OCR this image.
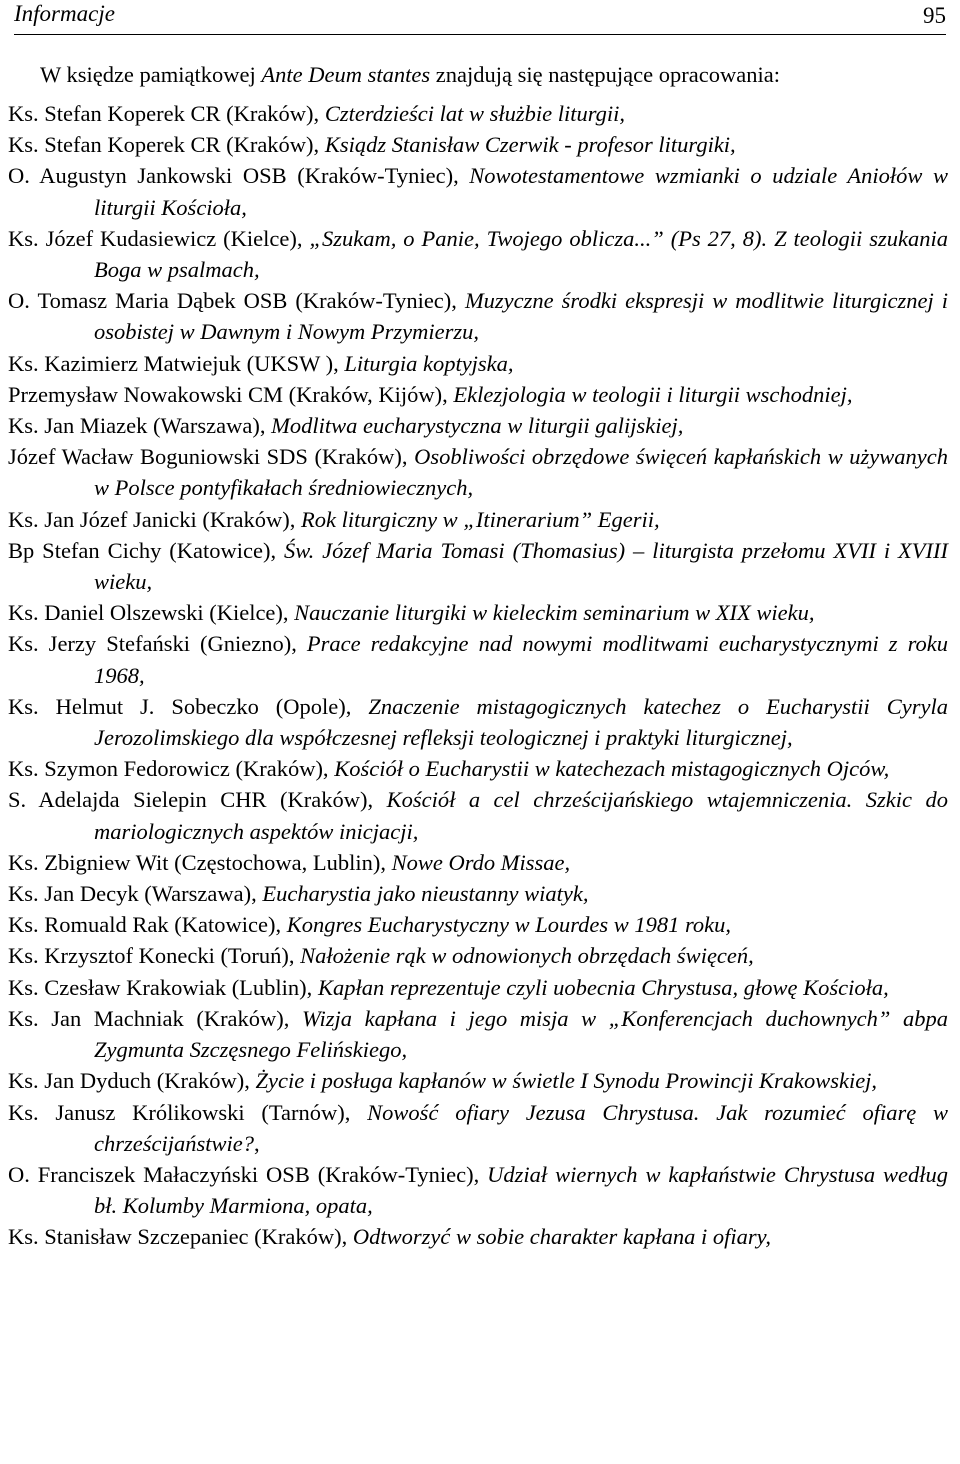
Informacje	95

W księdze pamiątkowej Ante Deum stantes znajdują się następujące opracowania:

Ks. Stefan Koperek CR (Kraków), Czterdzieści lat w służbie liturgii,
Ks. Stefan Koperek CR (Kraków), Ksiądz Stanisław Czerwik - profesor liturgiki,
O. Augustyn Jankowski OSB (Kraków-Tyniec), Nowotestamentowe wzmianki o udziale Aniołów w liturgii Kościoła,
Ks. Józef Kudasiewicz (Kielce), „Szukam, o Panie, Twojego oblicza...” (Ps 27, 8). Z teologii szukania Boga w psalmach,
O. Tomasz Maria Dąbek OSB (Kraków-Tyniec), Muzyczne środki ekspresji w modlitwie liturgicznej i osobistej w Dawnym i Nowym Przymierzu,
Ks. Kazimierz Matwiejuk (UKSW ), Liturgia koptyjska,
Przemysław Nowakowski CM (Kraków, Kijów), Eklezjologia w teologii i liturgii wschodniej,
Ks. Jan Miazek (Warszawa), Modlitwa eucharystyczna w liturgii galijskiej,
Józef Wacław Boguniowski SDS (Kraków), Osobliwości obrzędowe święceń kapłańskich w używanych w Polsce pontyfikałach średniowiecznych,
Ks. Jan Józef Janicki (Kraków), Rok liturgiczny w „Itinerarium” Egerii,
Bp Stefan Cichy (Katowice), Św. Józef Maria Tomasi (Thomasius) – liturgista przełomu XVII i XVIII wieku,
Ks. Daniel Olszewski (Kielce), Nauczanie liturgiki w kieleckim seminarium w XIX wieku,
Ks. Jerzy Stefański (Gniezno), Prace redakcyjne nad nowymi modlitwami eucharystycznymi z roku 1968,
Ks. Helmut J. Sobeczko (Opole), Znaczenie mistagogicznych katechez o Eucharystii Cyryla Jerozolimskiego dla współczesnej refleksji teologicznej i praktyki liturgicznej,
Ks. Szymon Fedorowicz (Kraków), Kościół o Eucharystii w katechezach mistagogicznych Ojców,
S. Adelajda Sielepin CHR (Kraków), Kościół a cel chrześcijańskiego wtajemniczenia. Szkic do mariologicznych aspektów inicjacji,
Ks. Zbigniew Wit (Częstochowa, Lublin), Nowe Ordo Missae,
Ks. Jan Decyk (Warszawa), Eucharystia jako nieustanny wiatyk,
Ks. Romuald Rak (Katowice), Kongres Eucharystyczny w Lourdes w 1981 roku,
Ks. Krzysztof Konecki (Toruń), Nałożenie rąk w odnowionych obrzędach święceń,
Ks. Czesław Krakowiak (Lublin), Kapłan reprezentuje czyli uobecnia Chrystusa, głowę Kościoła,
Ks. Jan Machniak (Kraków), Wizja kapłana i jego misja w „Konferencjach duchownych” abpa Zygmunta Szczęsnego Felińskiego,
Ks. Jan Dyduch (Kraków), Życie i posługa kapłanów w świetle I Synodu Prowincji Krakowskiej,
Ks. Janusz Królikowski (Tarnów), Nowość ofiary Jezusa Chrystusa. Jak rozumieć ofiarę w chrześcijaństwie?,
O. Franciszek Małaczyński OSB (Kraków-Tyniec), Udział wiernych w kapłaństwie Chrystusa według bł. Kolumby Marmiona, opata,
Ks. Stanisław Szczepaniec (Kraków), Odtworzyć w sobie charakter kapłana i ofiary,
